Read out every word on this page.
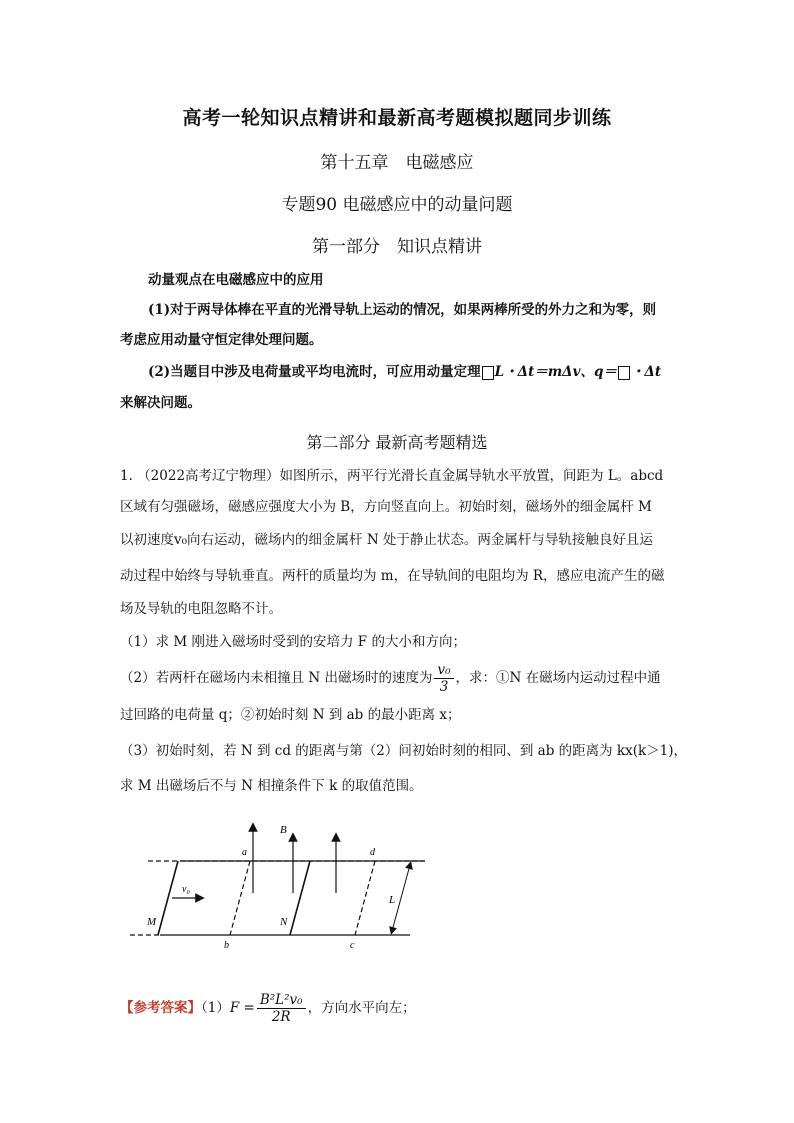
高考一轮知识点精讲和最新高考题模拟题同步训练
第十五章　电磁感应
专题90 电磁感应中的动量问题
第一部分　知识点精讲
动量观点在电磁感应中的应用
(1)对于两导体棒在平直的光滑导轨上运动的情况，如果两棒所受的外力之和为零，则
考虑应用动量守恒定律处理问题。
(2)当题目中涉及电荷量或平均电流时，可应用动量定理 L・Δt＝mΔv、q＝ ・Δt
来解决问题。
第二部分 最新高考题精选
1. （2022高考辽宁物理）如图所示，两平行光滑长直金属导轨水平放置，间距为 L。abcd
区域有匀强磁场，磁感应强度大小为 B，方向竖直向上。初始时刻，磁场外的细金属杆 M
以初速度v₀向右运动，磁场内的细金属杆 N 处于静止状态。两金属杆与导轨接触良好且运
动过程中始终与导轨垂直。两杆的质量均为 m，在导轨间的电阻均为 R，感应电流产生的磁
场及导轨的电阻忽略不计。
（1）求 M 刚进入磁场时受到的安培力 F 的大小和方向；
（2）若两杆在磁场内未相撞且 N 出磁场时的速度为 $\frac{\text{v₀}}{3}$ ，求：①N 在磁场内运动过程中通
过回路的电荷量 q；②初始时刻 N 到 ab 的最小距离 x；
（3）初始时刻，若 N 到 cd 的距离与第（2）问初始时刻的相同、到 ab 的距离为 kx(k＞1)，
求 M 出磁场后不与 N 相撞条件下 k 的取值范围。
B
a	d
b	c
M	N
L
v₀
【参考答案】$(1)F = \frac{\text{B²L²v₀}}{2R}$ ，方向水平向左；
